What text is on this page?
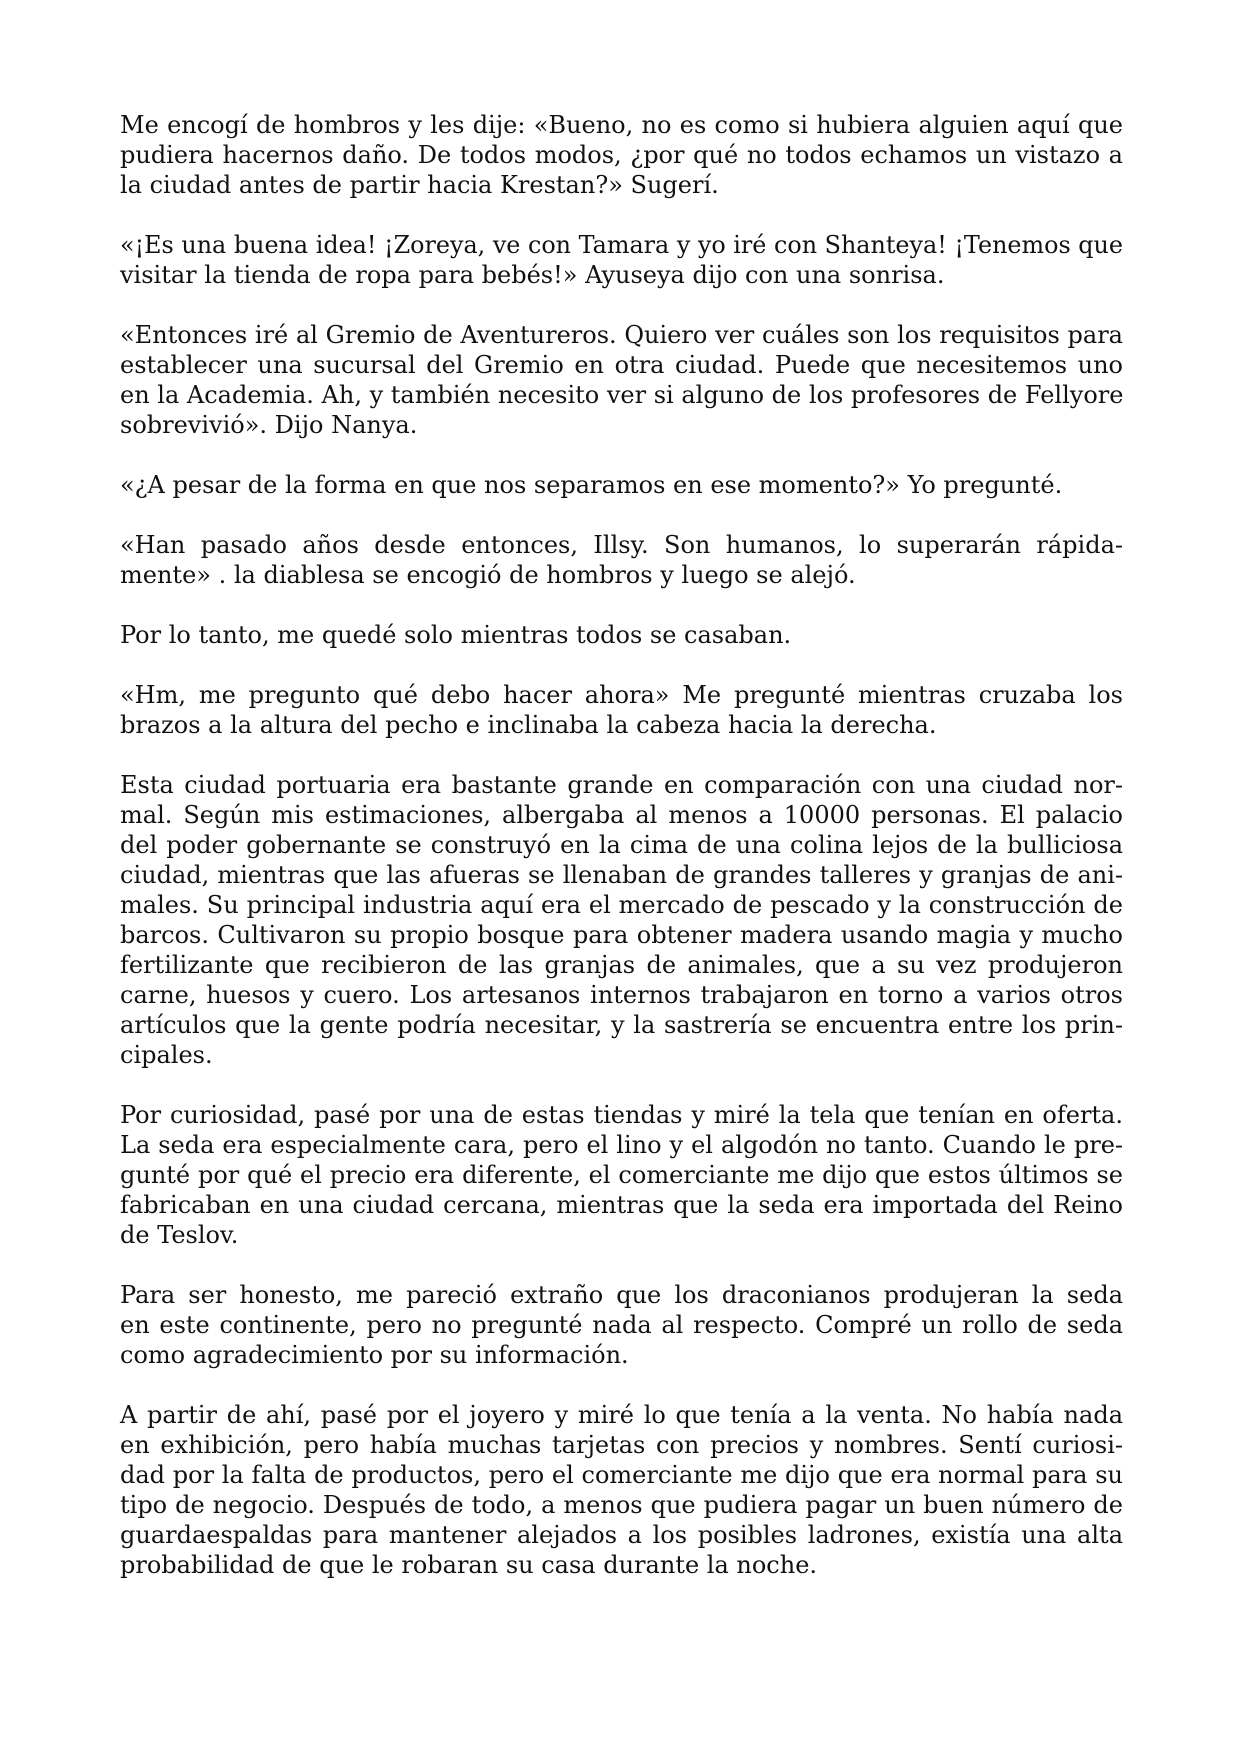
Me encogí de hombros y les dije: «Bueno, no es como si hubiera alguien aquí que
pudiera hacernos daño. De todos modos, ¿por qué no todos echamos un vistazo a
la ciudad antes de partir hacia Krestan?» Sugerí.

«¡Es una buena idea! ¡Zoreya, ve con Tamara y yo iré con Shanteya! ¡Tenemos que
visitar la tienda de ropa para bebés!» Ayuseya dijo con una sonrisa.

«Entonces iré al Gremio de Aventureros. Quiero ver cuáles son los requisitos para
establecer una sucursal del Gremio en otra ciudad. Puede que necesitemos uno
en la Academia. Ah, y también necesito ver si alguno de los profesores de Fellyore
sobrevivió». Dijo Nanya.

«¿A pesar de la forma en que nos separamos en ese momento?» Yo pregunté.

«Han pasado años desde entonces, Illsy. Son humanos, lo superarán rápida-
mente» . la diablesa se encogió de hombros y luego se alejó.

Por lo tanto, me quedé solo mientras todos se casaban.

«Hm, me pregunto qué debo hacer ahora» Me pregunté mientras cruzaba los
brazos a la altura del pecho e inclinaba la cabeza hacia la derecha.

Esta ciudad portuaria era bastante grande en comparación con una ciudad nor-
mal. Según mis estimaciones, albergaba al menos a 10000 personas. El palacio
del poder gobernante se construyó en la cima de una colina lejos de la bulliciosa
ciudad, mientras que las afueras se llenaban de grandes talleres y granjas de ani-
males. Su principal industria aquí era el mercado de pescado y la construcción de
barcos. Cultivaron su propio bosque para obtener madera usando magia y mucho
fertilizante que recibieron de las granjas de animales, que a su vez produjeron
carne, huesos y cuero. Los artesanos internos trabajaron en torno a varios otros
artículos que la gente podría necesitar, y la sastrería se encuentra entre los prin-
cipales.

Por curiosidad, pasé por una de estas tiendas y miré la tela que tenían en oferta.
La seda era especialmente cara, pero el lino y el algodón no tanto. Cuando le pre-
gunté por qué el precio era diferente, el comerciante me dijo que estos últimos se
fabricaban en una ciudad cercana, mientras que la seda era importada del Reino
de Teslov.

Para ser honesto, me pareció extraño que los draconianos produjeran la seda
en este continente, pero no pregunté nada al respecto. Compré un rollo de seda
como agradecimiento por su información.

A partir de ahí, pasé por el joyero y miré lo que tenía a la venta. No había nada
en exhibición, pero había muchas tarjetas con precios y nombres. Sentí curiosi-
dad por la falta de productos, pero el comerciante me dijo que era normal para su
tipo de negocio. Después de todo, a menos que pudiera pagar un buen número de
guardaespaldas para mantener alejados a los posibles ladrones, existía una alta
probabilidad de que le robaran su casa durante la noche.
